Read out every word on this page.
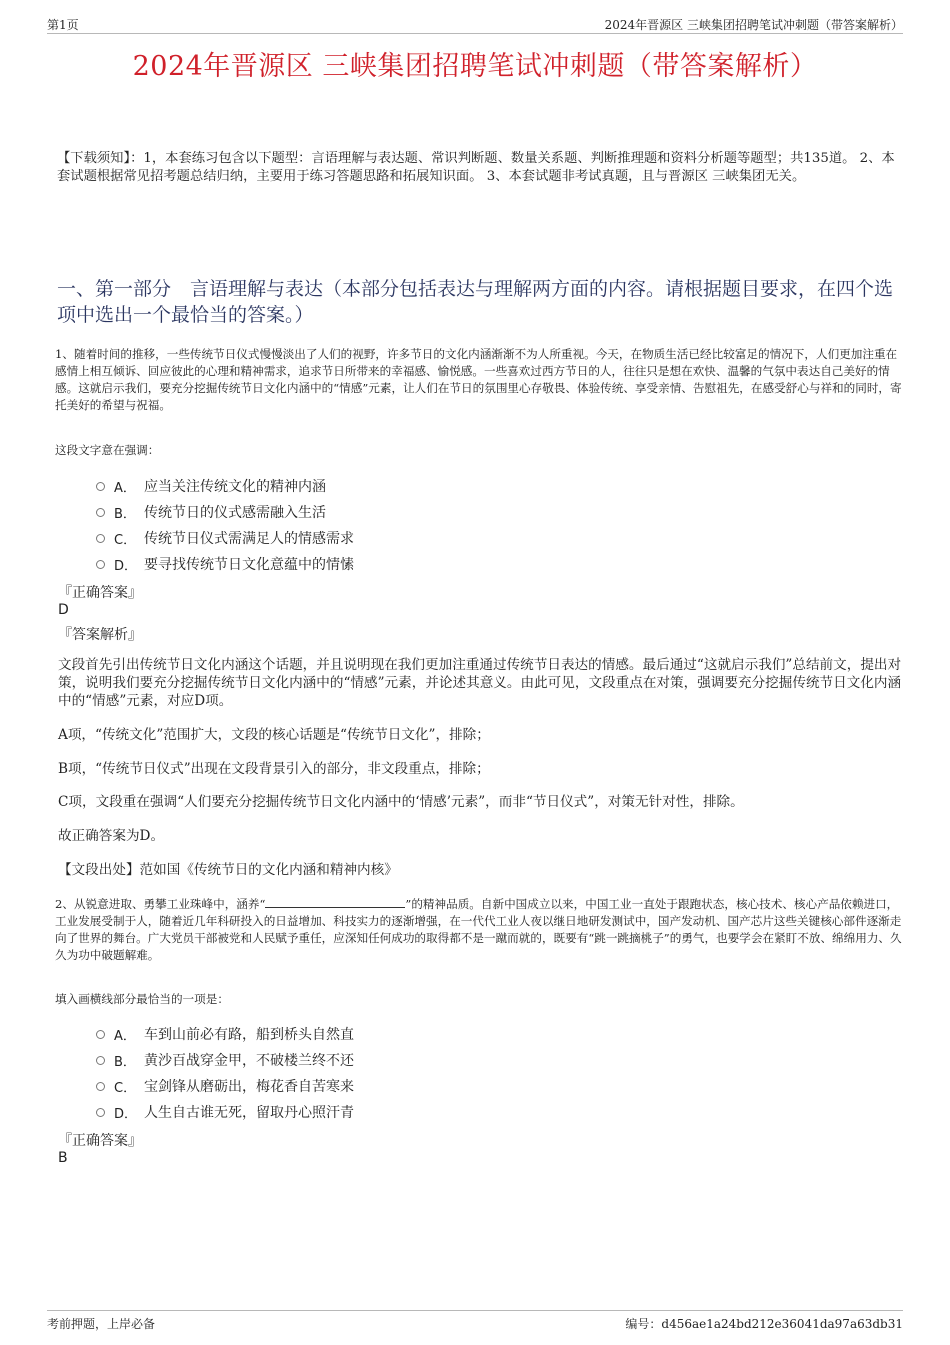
第1页	2024年晋源区 三峡集团招聘笔试冲刺题（带答案解析）
2024年晋源区 三峡集团招聘笔试冲刺题（带答案解析）
【下载须知】：1，本套练习包含以下题型：言语理解与表达题、常识判断题、数量关系题、判断推理题和资料分析题等题型；共135道。 2、本套试题根据常见招考题总结归纳，主要用于练习答题思路和拓展知识面。 3、本套试题非考试真题，且与晋源区 三峡集团无关。
一、第一部分　言语理解与表达（本部分包括表达与理解两方面的内容。请根据题目要求，在四个选项中选出一个最恰当的答案。）
1、随着时间的推移，一些传统节日仪式慢慢淡出了人们的视野，许多节日的文化内涵渐渐不为人所重视。今天，在物质生活已经比较富足的情况下，人们更加注重在感情上相互倾诉、回应彼此的心理和精神需求，追求节日所带来的幸福感、愉悦感。一些喜欢过西方节日的人，往往只是想在欢快、温馨的气氛中表达自己美好的情感。这就启示我们，要充分挖掘传统节日文化内涵中的“情感”元素，让人们在节日的氛围里心存敬畏、体验传统、享受亲情、告慰祖先，在感受舒心与祥和的同时，寄托美好的希望与祝福。
这段文字意在强调：
A． 应当关注传统文化的精神内涵
B． 传统节日的仪式感需融入生活
C． 传统节日仪式需满足人的情感需求
D． 要寻找传统节日文化意蕴中的情愫
『正确答案』
D
『答案解析』
文段首先引出传统节日文化内涵这个话题，并且说明现在我们更加注重通过传统节日表达的情感。最后通过“这就启示我们”总结前文，提出对策，说明我们要充分挖掘传统节日文化内涵中的“情感”元素，并论述其意义。由此可见，文段重点在对策，强调要充分挖掘传统节日文化内涵中的“情感”元素，对应D项。
A项，“传统文化”范围扩大，文段的核心话题是“传统节日文化”，排除；
B项，“传统节日仪式”出现在文段背景引入的部分，非文段重点，排除；
C项，文段重在强调“人们要充分挖掘传统节日文化内涵中的‘情感’元素”，而非“节日仪式”，对策无针对性，排除。
故正确答案为D。
【文段出处】范如国《传统节日的文化内涵和精神内核》
2、从锐意进取、勇攀工业珠峰中，涵养“	”的精神品质。自新中国成立以来，中国工业一直处于跟跑状态，核心技术、核心产品依赖进口，工业发展受制于人，随着近几年科研投入的日益增加、科技实力的逐渐增强，在一代代工业人夜以继日地研发测试中，国产发动机、国产芯片这些关键核心部件逐渐走向了世界的舞台。广大党员干部被党和人民赋予重任，应深知任何成功的取得都不是一蹴而就的，既要有“跳一跳摘桃子”的勇气，也要学会在紧盯不放、绵绵用力、久久为功中破题解难。
填入画横线部分最恰当的一项是：
A． 车到山前必有路，船到桥头自然直
B． 黄沙百战穿金甲，不破楼兰终不还
C． 宝剑锋从磨砺出，梅花香自苦寒来
D． 人生自古谁无死，留取丹心照汗青
『正确答案』
B
考前押题，上岸必备	编号：d456ae1a24bd212e36041da97a63db31
